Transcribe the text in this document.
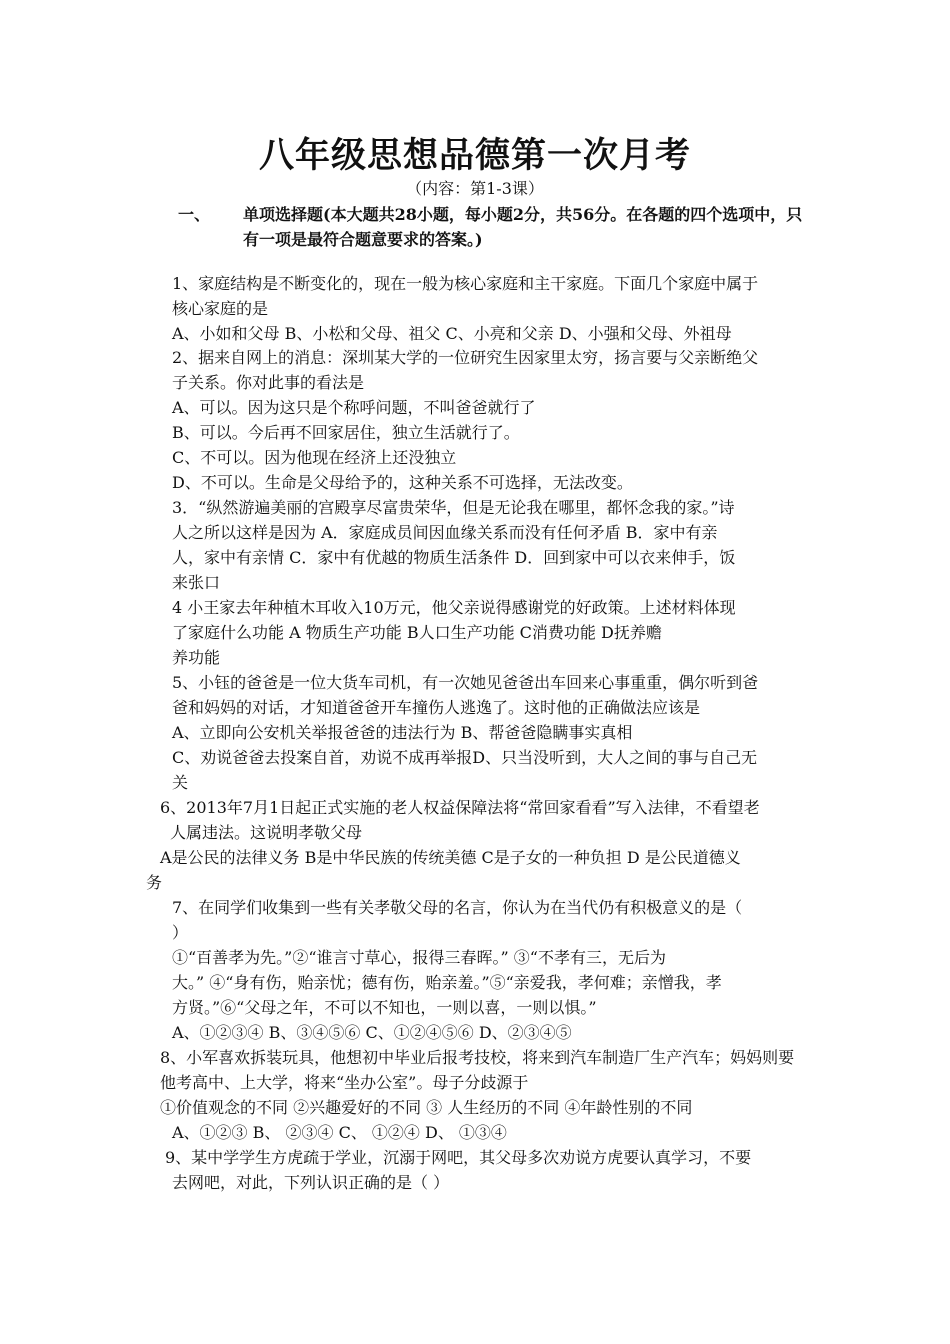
八年级思想品德第一次月考
（内容：第1-3课）
一、 单项选择题(本大题共28小题，每小题2分，共56分。在各题的四个选项中，只有一项是最符合题意要求的答案。)
1、家庭结构是不断变化的，现在一般为核心家庭和主干家庭。下面几个家庭中属于
核心家庭的是
A、小如和父母 B、小松和父母、祖父 C、小亮和父亲 D、小强和父母、外祖母
2、据来自网上的消息：深圳某大学的一位研究生因家里太穷，扬言要与父亲断绝父
子关系。你对此事的看法是
A、可以。因为这只是个称呼问题，不叫爸爸就行了
B、可以。今后再不回家居住，独立生活就行了。
C、不可以。因为他现在经济上还没独立
D、不可以。生命是父母给予的，这种关系不可选择，无法改变。
3．“纵然游遍美丽的宫殿享尽富贵荣华，但是无论我在哪里，都怀念我的家。”诗
人之所以这样是因为 A．家庭成员间因血缘关系而没有任何矛盾 B．家中有亲
人，家中有亲情 C．家中有优越的物质生活条件 D．回到家中可以衣来伸手，饭
来张口
4 小王家去年种植木耳收入10万元，他父亲说得感谢党的好政策。上述材料体现
了家庭什么功能 A 物质生产功能 B人口生产功能 C消费功能 D抚养赡
养功能
5、小钰的爸爸是一位大货车司机，有一次她见爸爸出车回来心事重重，偶尔听到爸
爸和妈妈的对话，才知道爸爸开车撞伤人逃逸了。这时他的正确做法应该是
A、立即向公安机关举报爸爸的违法行为 B、帮爸爸隐瞒事实真相
C、劝说爸爸去投案自首，劝说不成再举报D、只当没听到，大人之间的事与自己无
关
6、2013年7月1日起正式实施的老人权益保障法将“常回家看看”写入法律，不看望老
人属违法。这说明孝敬父母
A是公民的法律义务 B是中华民族的传统美德 C是子女的一种负担 D 是公民道德义
务
7、在同学们收集到一些有关孝敬父母的名言，你认为在当代仍有积极意义的是（
）
①“百善孝为先。”②“谁言寸草心，报得三春晖。” ③“不孝有三，无后为
大。” ④“身有伤，贻亲忧；德有伤，贻亲羞。”⑤“亲爱我，孝何难；亲憎我，孝
方贤。”⑥“父母之年，不可以不知也，一则以喜，一则以惧。”
A、①②③④ B、③④⑤⑥ C、①②④⑤⑥ D、②③④⑤
8、小军喜欢拆装玩具，他想初中毕业后报考技校，将来到汽车制造厂生产汽车；妈妈则要
他考高中、上大学，将来“坐办公室”。母子分歧源于
①价值观念的不同 ②兴趣爱好的不同 ③ 人生经历的不同 ④年龄性别的不同
A、①②③ B、 ②③④ C、 ①②④ D、 ①③④
9、某中学学生方虎疏于学业，沉溺于网吧，其父母多次劝说方虎要认真学习，不要
去网吧，对此，下列认识正确的是（ ）
